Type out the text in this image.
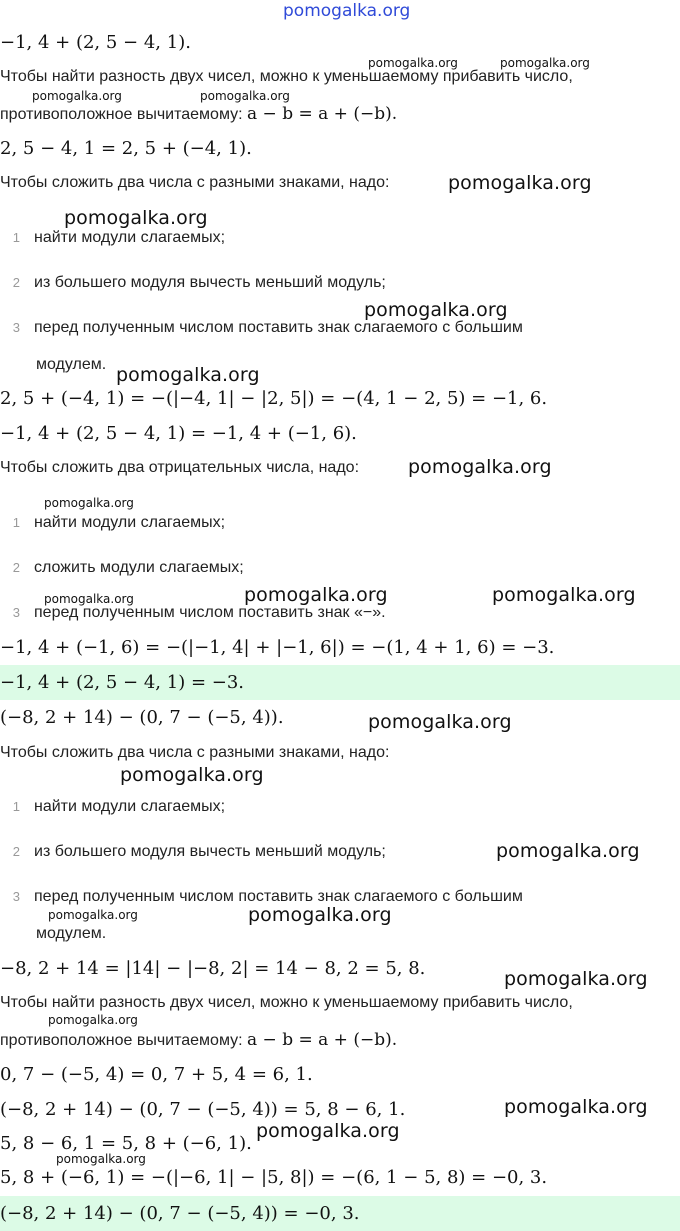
pomogalka.org
−1, 4 + (2, 5 − 4, 1).
Чтобы найти разность двух чисел, можно к уменьшаемому прибавить число,
противоположное вычитаемому: a − b = a + (−b).
2, 5 − 4, 1 = 2, 5 + (−4, 1).
Чтобы сложить два числа с разными знаками, надо:
1 найти модули слагаемых;
2 из большего модуля вычесть меньший модуль;
3 перед полученным числом поставить знак слагаемого с большим
модулем.
2, 5 + (−4, 1) = −(|−4, 1| − |2, 5|) = −(4, 1 − 2, 5) = −1, 6.
−1, 4 + (2, 5 − 4, 1) = −1, 4 + (−1, 6).
Чтобы сложить два отрицательных числа, надо:
1 найти модули слагаемых;
2 сложить модули слагаемых;
3 перед полученным числом поставить знак «−».
−1, 4 + (−1, 6) = −(|−1, 4| + |−1, 6|) = −(1, 4 + 1, 6) = −3.
−1, 4 + (2, 5 − 4, 1) = −3.
(−8, 2 + 14) − (0, 7 − (−5, 4)).
Чтобы сложить два числа с разными знаками, надо:
1 найти модули слагаемых;
2 из большего модуля вычесть меньший модуль;
3 перед полученным числом поставить знак слагаемого с большим
модулем.
−8, 2 + 14 = |14| − |−8, 2| = 14 − 8, 2 = 5, 8.
Чтобы найти разность двух чисел, можно к уменьшаемому прибавить число,
противоположное вычитаемому: a − b = a + (−b).
0, 7 − (−5, 4) = 0, 7 + 5, 4 = 6, 1.
(−8, 2 + 14) − (0, 7 − (−5, 4)) = 5, 8 − 6, 1.
5, 8 − 6, 1 = 5, 8 + (−6, 1).
5, 8 + (−6, 1) = −(|−6, 1| − |5, 8|) = −(6, 1 − 5, 8) = −0, 3.
(−8, 2 + 14) − (0, 7 − (−5, 4)) = −0, 3.
pomogalka.org	pomogalka.org
pomogalka.org	pomogalka.org
pomogalka.org
pomogalka.org
pomogalka.org
pomogalka.org
pomogalka.org
pomogalka.org
pomogalka.org	pomogalka.org
pomogalka.org
pomogalka.org
pomogalka.org
pomogalka.org
pomogalka.org	pomogalka.org
pomogalka.org
pomogalka.org
pomogalka.org
pomogalka.org
pomogalka.org
